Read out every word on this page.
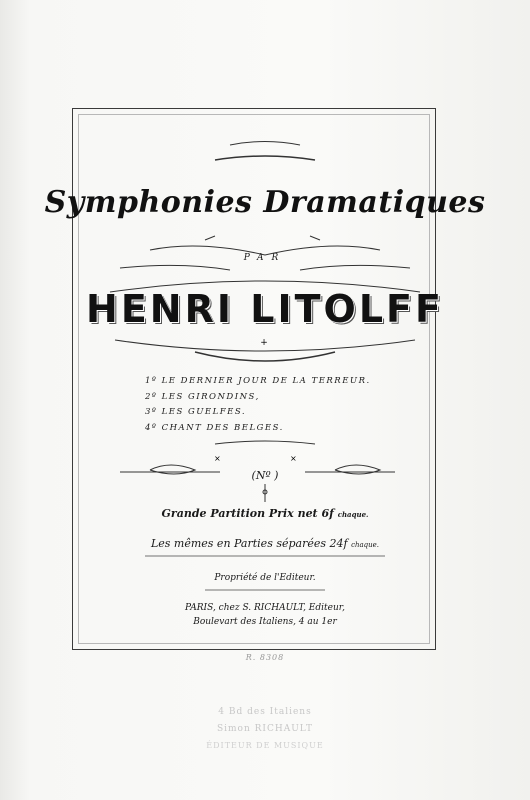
+
×	×
Symphonies Dramatiques
PAR
HENRI LITOLFF
1º LE DERNIER JOUR DE LA TERREUR.
2º LES GIRONDINS,
3º LES GUELFES.
4º CHANT DES BELGES.
(Nº )
Grande Partition Prix net 6f chaque.
Les mêmes en Parties séparées 24f chaque.
Propriété de l'Editeur.
PARIS, chez S. RICHAULT, Editeur,
Boulevart des Italiens, 4 au 1er
R. 8308
4 Bd des Italiens
Simon RICHAULT
ÉDITEUR DE MUSIQUE
